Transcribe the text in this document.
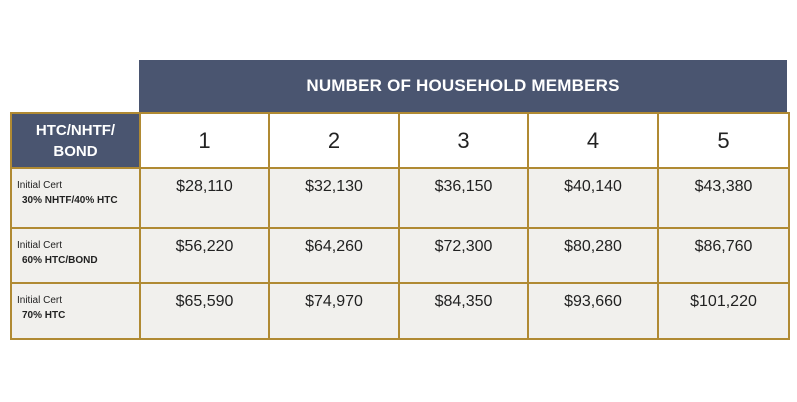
NUMBER OF HOUSEHOLD MEMBERS
HTC/NHTF/
BOND	1	2	3	4	5

Initial Cert
30% NHTF/40% HTC	$28,110	$32,130	$36,150	$40,140	$43,380

Initial Cert
60% HTC/BOND	$56,220	$64,260	$72,300	$80,280	$86,760

Initial Cert
70% HTC	$65,590	$74,970	$84,350	$93,660	$101,220
